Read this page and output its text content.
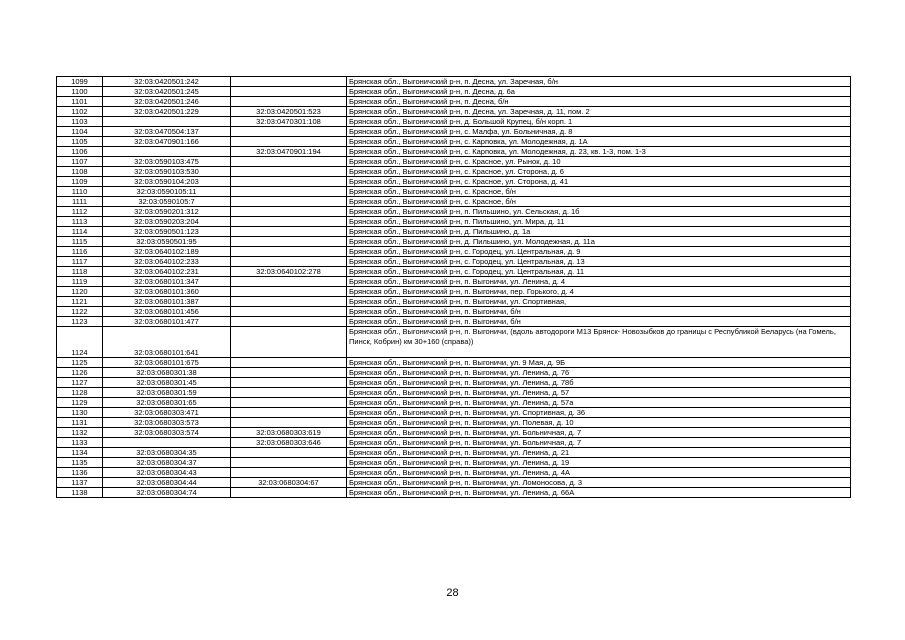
1099	32:03:0420501:242		Брянская обл., Выгоничский р-н, п. Десна, ул. Заречная, б/н
1100	32:03:0420501:245		Брянская обл., Выгоничский р-н, п. Десна, д. 6а
1101	32:03:0420501:246		Брянская обл., Выгоничский р-н, п. Десна, б/н
1102	32:03:0420501:229	32:03:0420501:523	Брянская обл., Выгоничский р-н, п. Десна, ул. Заречная, д. 11, пом. 2
1103		32:03:0470301:108	Брянская обл., Выгоничский р-н, д. Большой Крупец, б/н корп. 1
1104	32:03:0470504:137		Брянская обл., Выгоничский р-н, с. Малфа, ул. Больничная, д. 8
1105	32:03:0470901:166		Брянская обл., Выгоничский р-н, с. Карповка, ул. Молодежная, д. 1А
1106		32:03:0470901:194	Брянская обл., Выгоничский р-н, с. Карповка, ул. Молодежная, д. 23, кв. 1-3, пом. 1-3
1107	32:03:0590103:475		Брянская обл., Выгоничский р-н, с. Красное, ул. Рынок, д. 10
1108	32:03:0590103:530		Брянская обл., Выгоничский р-н, с. Красное, ул. Сторона, д. 6
1109	32:03:0590104:203		Брянская обл., Выгоничский р-н, с. Красное, ул. Сторона, д. 41
1110	32:03:0590105:11		Брянская обл., Выгоничский р-н, с. Красное, б/н
1111	32:03:0590105:7		Брянская обл., Выгоничский р-н, с. Красное, б/н
1112	32:03:0590201:312		Брянская обл., Выгоничский р-н, п. Пильшино, ул. Сельская, д. 1б
1113	32:03:0590203:204		Брянская обл., Выгоничский р-н, п. Пильшино, ул. Мира, д. 11
1114	32:03:0590501:123		Брянская обл., Выгоничский р-н, д. Пильшино, д. 1а
1115	32:03:0590501:95		Брянская обл., Выгоничский р-н, д. Пильшино, ул. Молодежная, д. 11а
1116	32:03:0640102:189		Брянская обл., Выгоничский р-н, с. Городец, ул. Центральная, д. 9
1117	32:03:0640102:233		Брянская обл., Выгоничский р-н, с. Городец, ул. Центральная, д. 13
1118	32:03:0640102:231	32:03:0640102:278	Брянская обл., Выгоничский р-н, с. Городец, ул. Центральная, д. 11
1119	32:03:0680101:347		Брянская обл., Выгоничский р-н, п. Выгоничи, ул. Ленина, д. 4
1120	32:03:0680101:360		Брянская обл., Выгоничский р-н, п. Выгоничи, пер. Горького, д. 4
1121	32:03:0680101:387		Брянская обл., Выгоничский р-н, п. Выгоничи, ул. Спортивная,
1122	32:03:0680101:456		Брянская обл., Выгоничский р-н, п. Выгоничи, б/н
1123	32:03:0680101:477		Брянская обл., Выгоничский р-н, п. Выгоничи, б/н
1124	32:03:0680101:641		Брянская обл., Выгоничский р-н, п. Выгоничи, (вдоль автодороги М13 Брянск- Новозыбков до границы с Республикой Беларусь (на Гомель, Пинск, Кобрин) км 30+160 (справа))
1125	32:03:0680101:675		Брянская обл., Выгоничский р-н, п. Выгоничи, ул. 9 Мая, д. 9Б
1126	32:03:0680301:38		Брянская обл., Выгоничский р-н, п. Выгоничи, ул. Ленина, д. 76
1127	32:03:0680301:45		Брянская обл., Выгоничский р-н, п. Выгоничи, ул. Ленина, д. 78б
1128	32:03:0680301:59		Брянская обл., Выгоничский р-н, п. Выгоничи, ул. Ленина, д. 57
1129	32:03:0680301:65		Брянская обл., Выгоничский р-н, п. Выгоничи, ул. Ленина, д. 57а
1130	32:03:0680303:471		Брянская обл., Выгоничский р-н, п. Выгоничи, ул. Спортивная, д. 36
1131	32:03:0680303:573		Брянская обл., Выгоничский р-н, п. Выгоничи, ул. Полевая, д. 10
1132	32:03:0680303:574	32:03:0680303:619	Брянская обл., Выгоничский р-н, п. Выгоничи, ул. Больничная, д. 7
1133		32:03:0680303:646	Брянская обл., Выгоничский р-н, п. Выгоничи, ул. Больничная, д. 7
1134	32:03:0680304:35		Брянская обл., Выгоничский р-н, п. Выгоничи, ул. Ленина, д. 21
1135	32:03:0680304:37		Брянская обл., Выгоничский р-н, п. Выгоничи, ул. Ленина, д. 19
1136	32:03:0680304:43		Брянская обл., Выгоничский р-н, п. Выгоничи, ул. Ленина, д. 4А
1137	32:03:0680304:44	32:03:0680304:67	Брянская обл., Выгоничский р-н, п. Выгоничи, ул. Ломоносова, д. 3
1138	32:03:0680304:74		Брянская обл., Выгоничский р-н, п. Выгоничи, ул. Ленина, д. 66А
28
